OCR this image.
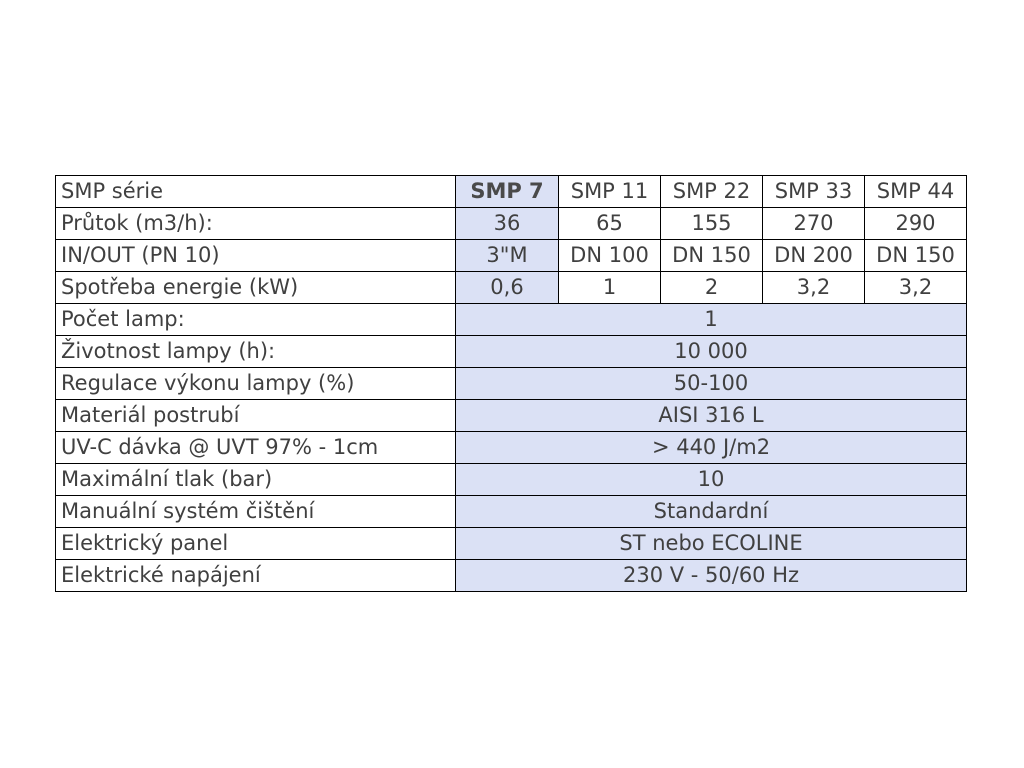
SMP série	SMP 7	SMP 11	SMP 22	SMP 33	SMP 44
Průtok (m3/h):	36	65	155	270	290
IN/OUT (PN 10)	3"M	DN 100	DN 150	DN 200	DN 150
Spotřeba energie (kW)	0,6	1	2	3,2	3,2
Počet lamp:	1				
Životnost lampy (h):	10 000				
Regulace výkonu lampy (%)	50-100				
Materiál postrubí	AISI 316 L				
UV-C dávka @ UVT 97% - 1cm	> 440 J/m2				
Maximální tlak (bar)	10				
Manuální systém čištění	Standardní				
Elektrický panel	ST nebo ECOLINE				
Elektrické napájení	230 V - 50/60 Hz				
